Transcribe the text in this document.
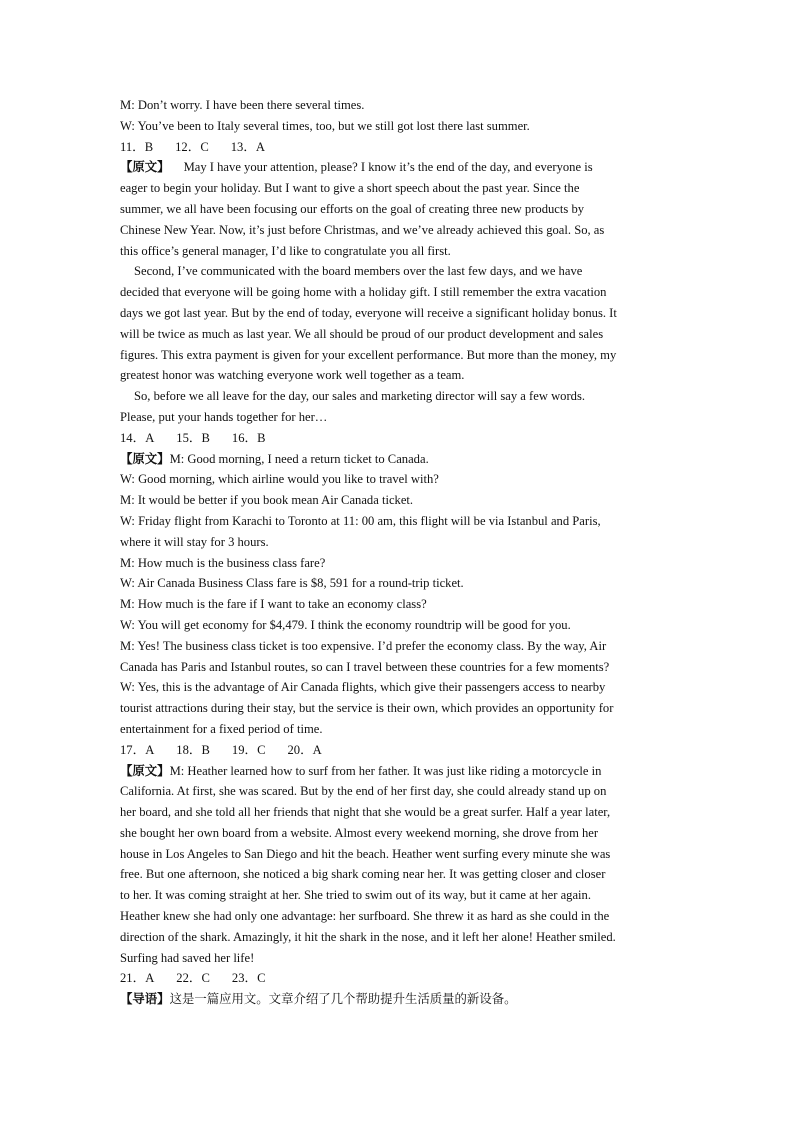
M: Don’t worry. I have been there several times.
W: You’ve been to Italy several times, too, but we still got lost there last summer.
11．B 12．C 13．A
【原文】 May I have your attention, please? I know it’s the end of the day, and everyone is
eager to begin your holiday. But I want to give a short speech about the past year. Since the
summer, we all have been focusing our efforts on the goal of creating three new products by
Chinese New Year. Now, it’s just before Christmas, and we’ve already achieved this goal. So, as
this office’s general manager, I’d like to congratulate you all first.
Second, I’ve communicated with the board members over the last few days, and we have
decided that everyone will be going home with a holiday gift. I still remember the extra vacation
days we got last year. But by the end of today, everyone will receive a significant holiday bonus. It
will be twice as much as last year. We all should be proud of our product development and sales
figures. This extra payment is given for your excellent performance. But more than the money, my
greatest honor was watching everyone work well together as a team.
So, before we all leave for the day, our sales and marketing director will say a few words.
Please, put your hands together for her…
14．A 15．B 16．B
【原文】M: Good morning, I need a return ticket to Canada.
W: Good morning, which airline would you like to travel with?
M: It would be better if you book mean Air Canada ticket.
W: Friday flight from Karachi to Toronto at 11: 00 am, this flight will be via Istanbul and Paris,
where it will stay for 3 hours.
M: How much is the business class fare?
W: Air Canada Business Class fare is $8, 591 for a round-trip ticket.
M: How much is the fare if I want to take an economy class?
W: You will get economy for $4,479. I think the economy roundtrip will be good for you.
M: Yes! The business class ticket is too expensive. I’d prefer the economy class. By the way, Air
Canada has Paris and Istanbul routes, so can I travel between these countries for a few moments?
W: Yes, this is the advantage of Air Canada flights, which give their passengers access to nearby
tourist attractions during their stay, but the service is their own, which provides an opportunity for
entertainment for a fixed period of time.
17．A 18．B 19．C 20．A
【原文】M: Heather learned how to surf from her father. It was just like riding a motorcycle in
California. At first, she was scared. But by the end of her first day, she could already stand up on
her board, and she told all her friends that night that she would be a great surfer. Half a year later,
she bought her own board from a website. Almost every weekend morning, she drove from her
house in Los Angeles to San Diego and hit the beach. Heather went surfing every minute she was
free. But one afternoon, she noticed a big shark coming near her. It was getting closer and closer
to her. It was coming straight at her. She tried to swim out of its way, but it came at her again.
Heather knew she had only one advantage: her surfboard. She threw it as hard as she could in the
direction of the shark. Amazingly, it hit the shark in the nose, and it left her alone! Heather smiled.
Surfing had saved her life!
21．A 22．C 23．C
【导语】这是一篇应用文。文章介绍了几个帮助提升生活质量的新设备。
